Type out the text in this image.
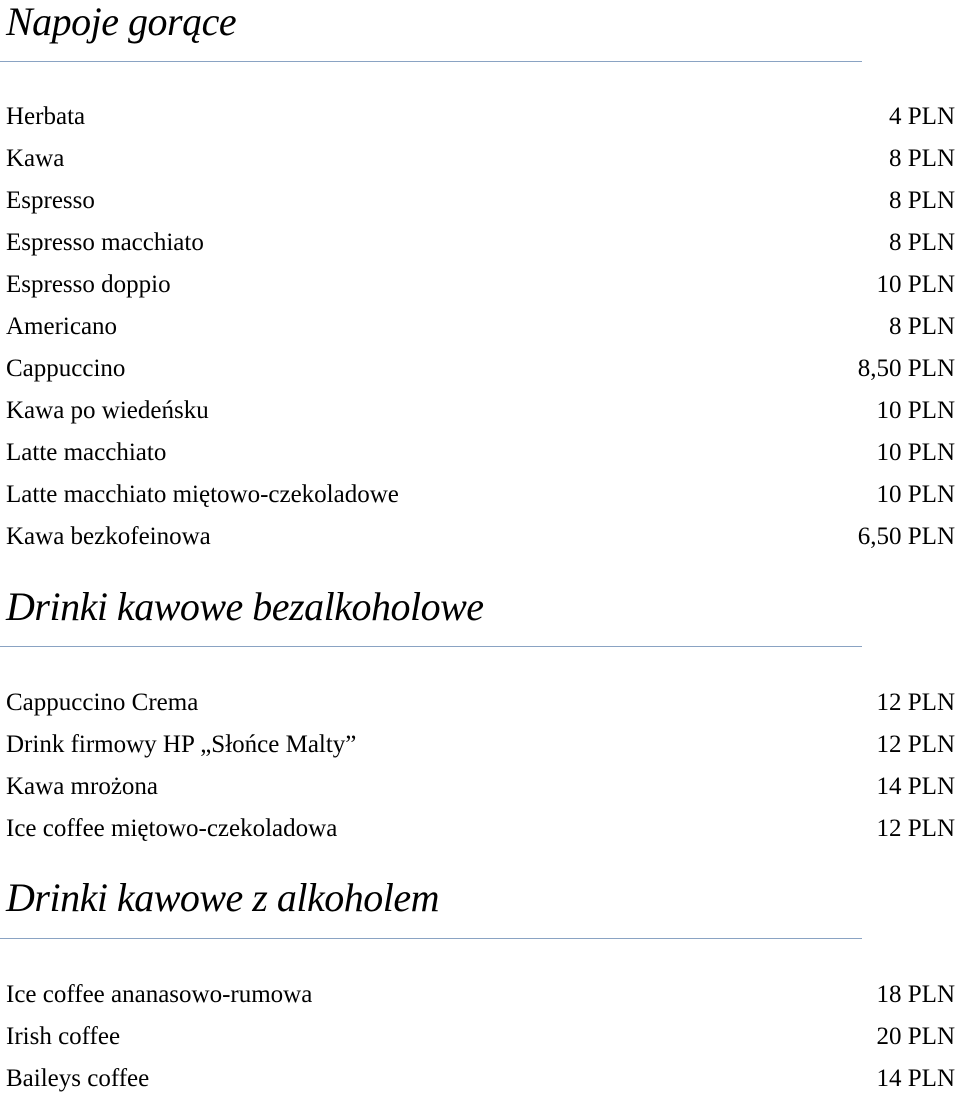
Napoje gorące
Herbata	4 PLN
Kawa	8 PLN
Espresso	8 PLN
Espresso macchiato	8 PLN
Espresso doppio	10 PLN
Americano	8 PLN
Cappuccino	8,50 PLN
Kawa po wiedeńsku	10 PLN
Latte macchiato	10 PLN
Latte macchiato miętowo-czekoladowe	10 PLN
Kawa bezkofeinowa	6,50 PLN
Drinki kawowe bezalkoholowe
Cappuccino Crema	12 PLN
Drink firmowy HP „Słońce Malty”	12 PLN
Kawa mrożona	14 PLN
Ice coffee miętowo-czekoladowa	12 PLN
Drinki kawowe z alkoholem
Ice coffee ananasowo-rumowa	18 PLN
Irish coffee	20 PLN
Baileys coffee	14 PLN
